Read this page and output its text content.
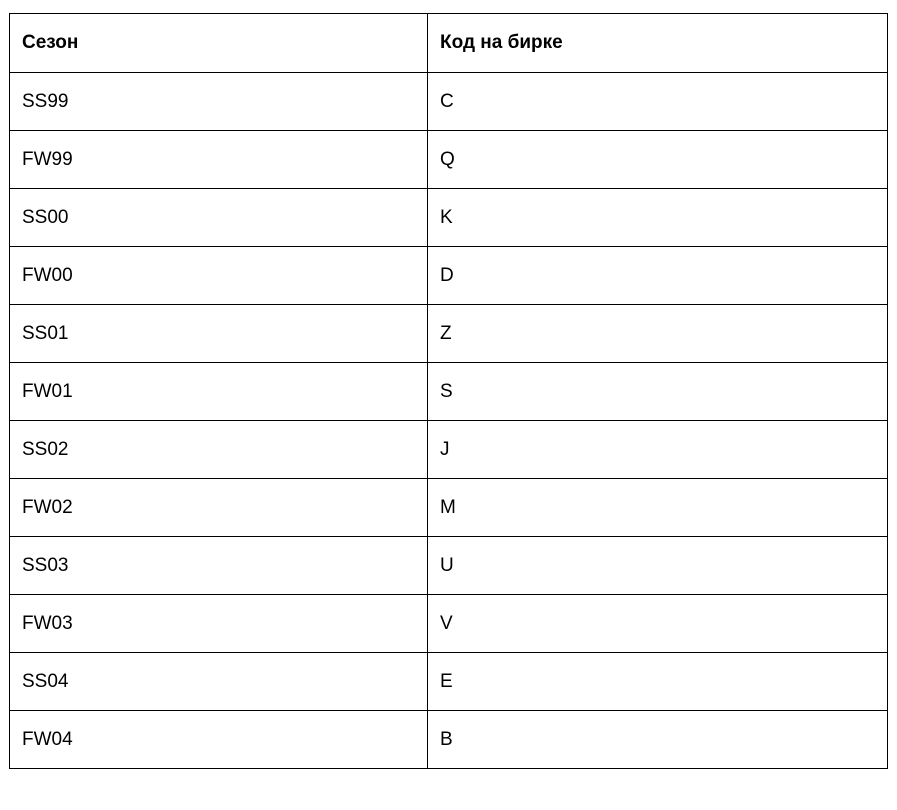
Сезон	Код на бирке
SS99	C
FW99	Q
SS00	K
FW00	D
SS01	Z
FW01	S
SS02	J
FW02	M
SS03	U
FW03	V
SS04	E
FW04	B
